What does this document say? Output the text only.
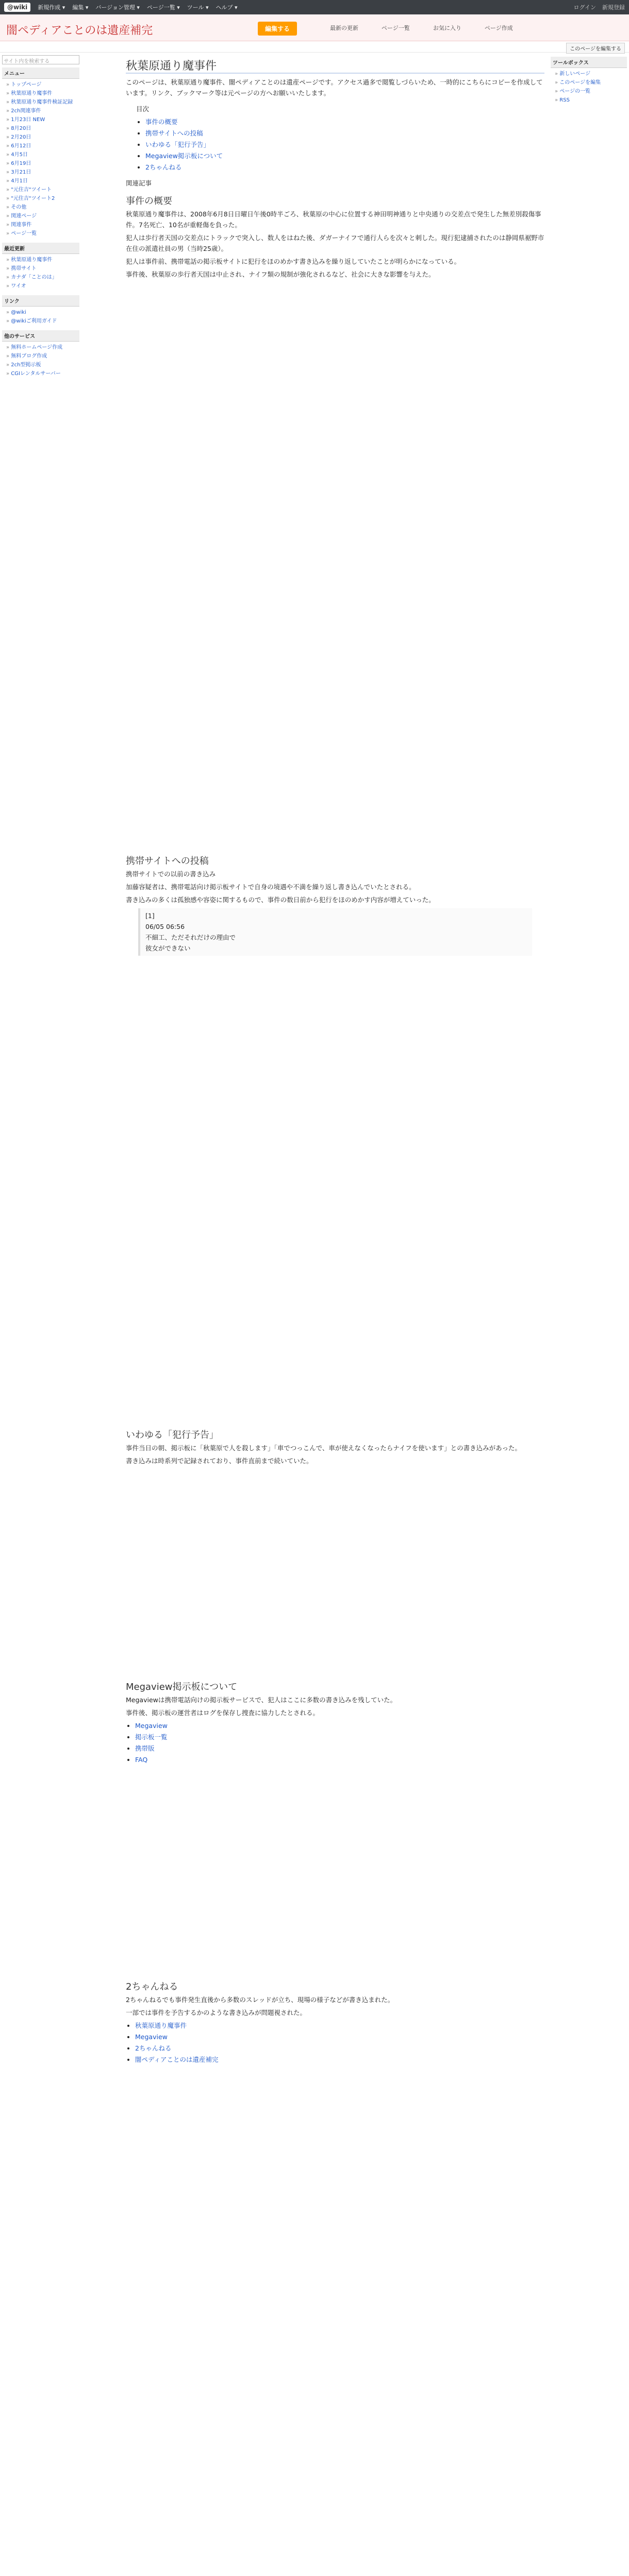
@wiki	新規作成 ▾ 編集 ▾ バージョン管理 ▾ ページ一覧 ▾ ツール ▾ ヘルプ ▾	ログイン 新規登録
闇ペディアことのは遺産補完	編集する	最新の更新	ページ一覧	お気に入り	ページ作成
このページを編集する
サイト内を検索する
メニュー
» トップページ
» 秋葉原通り魔事件
» 秋葉原通り魔事件検証記録
» 2ch関連事件
» 1月23日 NEW
» 8月20日
» 2月20日
» 6月12日
» 4月5日
» 6月19日
» 3月21日
» 4月1日
» "元住吉"ツイート
» "元住吉"ツイート2
» その他
» 関連ページ
» 関連事件
» ページ一覧
最近更新
» 秋葉原通り魔事件
» 携帯サイト
» カナダ「ことのは」
» ワイオ
リンク
» @wiki
» @wikiご利用ガイド
他のサービス
» 無料ホームページ作成
» 無料ブログ作成
» 2ch型掲示板
» CGIレンタルサーバー
ツールボックス
» 新しいページ
» このページを編集
» ページの一覧
» RSS
秋葉原通り魔事件

このページは、秋葉原通り魔事件、闇ペディアことのは遺産ページです。アクセス過多で閲覧しづらいため、一時的にこちらにコピーを作成しています。リンク、ブックマーク等は元ページの方へお願いいたします。

目次
• 事件の概要
• 携帯サイトへの投稿
• いわゆる「犯行予告」
• Megaview掲示板について
• 2ちゃんねる

関連記事

事件の概要

秋葉原通り魔事件は、2008年6月8日日曜日午後0時半ごろ、秋葉原の中心に位置する神田明神通りと中央通りの交差点で発生した無差別殺傷事件。7名死亡、10名が重軽傷を負った。

犯人は歩行者天国の交差点にトラックで突入し、数人をはねた後、ダガーナイフで通行人らを次々と刺した。現行犯逮捕されたのは静岡県裾野市在住の派遣社員の男（当時25歳）。

犯人は事件前、携帯電話の掲示板サイトに犯行をほのめかす書き込みを繰り返していたことが明らかになっている。

事件後、秋葉原の歩行者天国は中止され、ナイフ類の規制が強化されるなど、社会に大きな影響を与えた。

携帯サイトへの投稿

携帯サイトでの以前の書き込み

加藤容疑者は、携帯電話向け掲示板サイトで自身の境遇や不満を繰り返し書き込んでいたとされる。

書き込みの多くは孤独感や容姿に関するもので、事件の数日前から犯行をほのめかす内容が増えていった。

[1]
06/05 06:56
不細工、ただそれだけの理由で
彼女ができない
いわゆる「犯行予告」

事件当日の朝、掲示板に「秋葉原で人を殺します」「車でつっこんで、車が使えなくなったらナイフを使います」との書き込みがあった。

書き込みは時系列で記録されており、事件直前まで続いていた。

Megaview掲示板について

Megaviewは携帯電話向けの掲示板サービスで、犯人はここに多数の書き込みを残していた。

事件後、掲示板の運営者はログを保存し捜査に協力したとされる。

• Megaview
• 掲示板一覧
• 携帯版
• FAQ
2ちゃんねる

2ちゃんねるでも事件発生直後から多数のスレッドが立ち、現場の様子などが書き込まれた。

一部では事件を予告するかのような書き込みが問題視された。

• 秋葉原通り魔事件
• Megaview
• 2ちゃんねる
• 闇ペディアことのは遺産補完
